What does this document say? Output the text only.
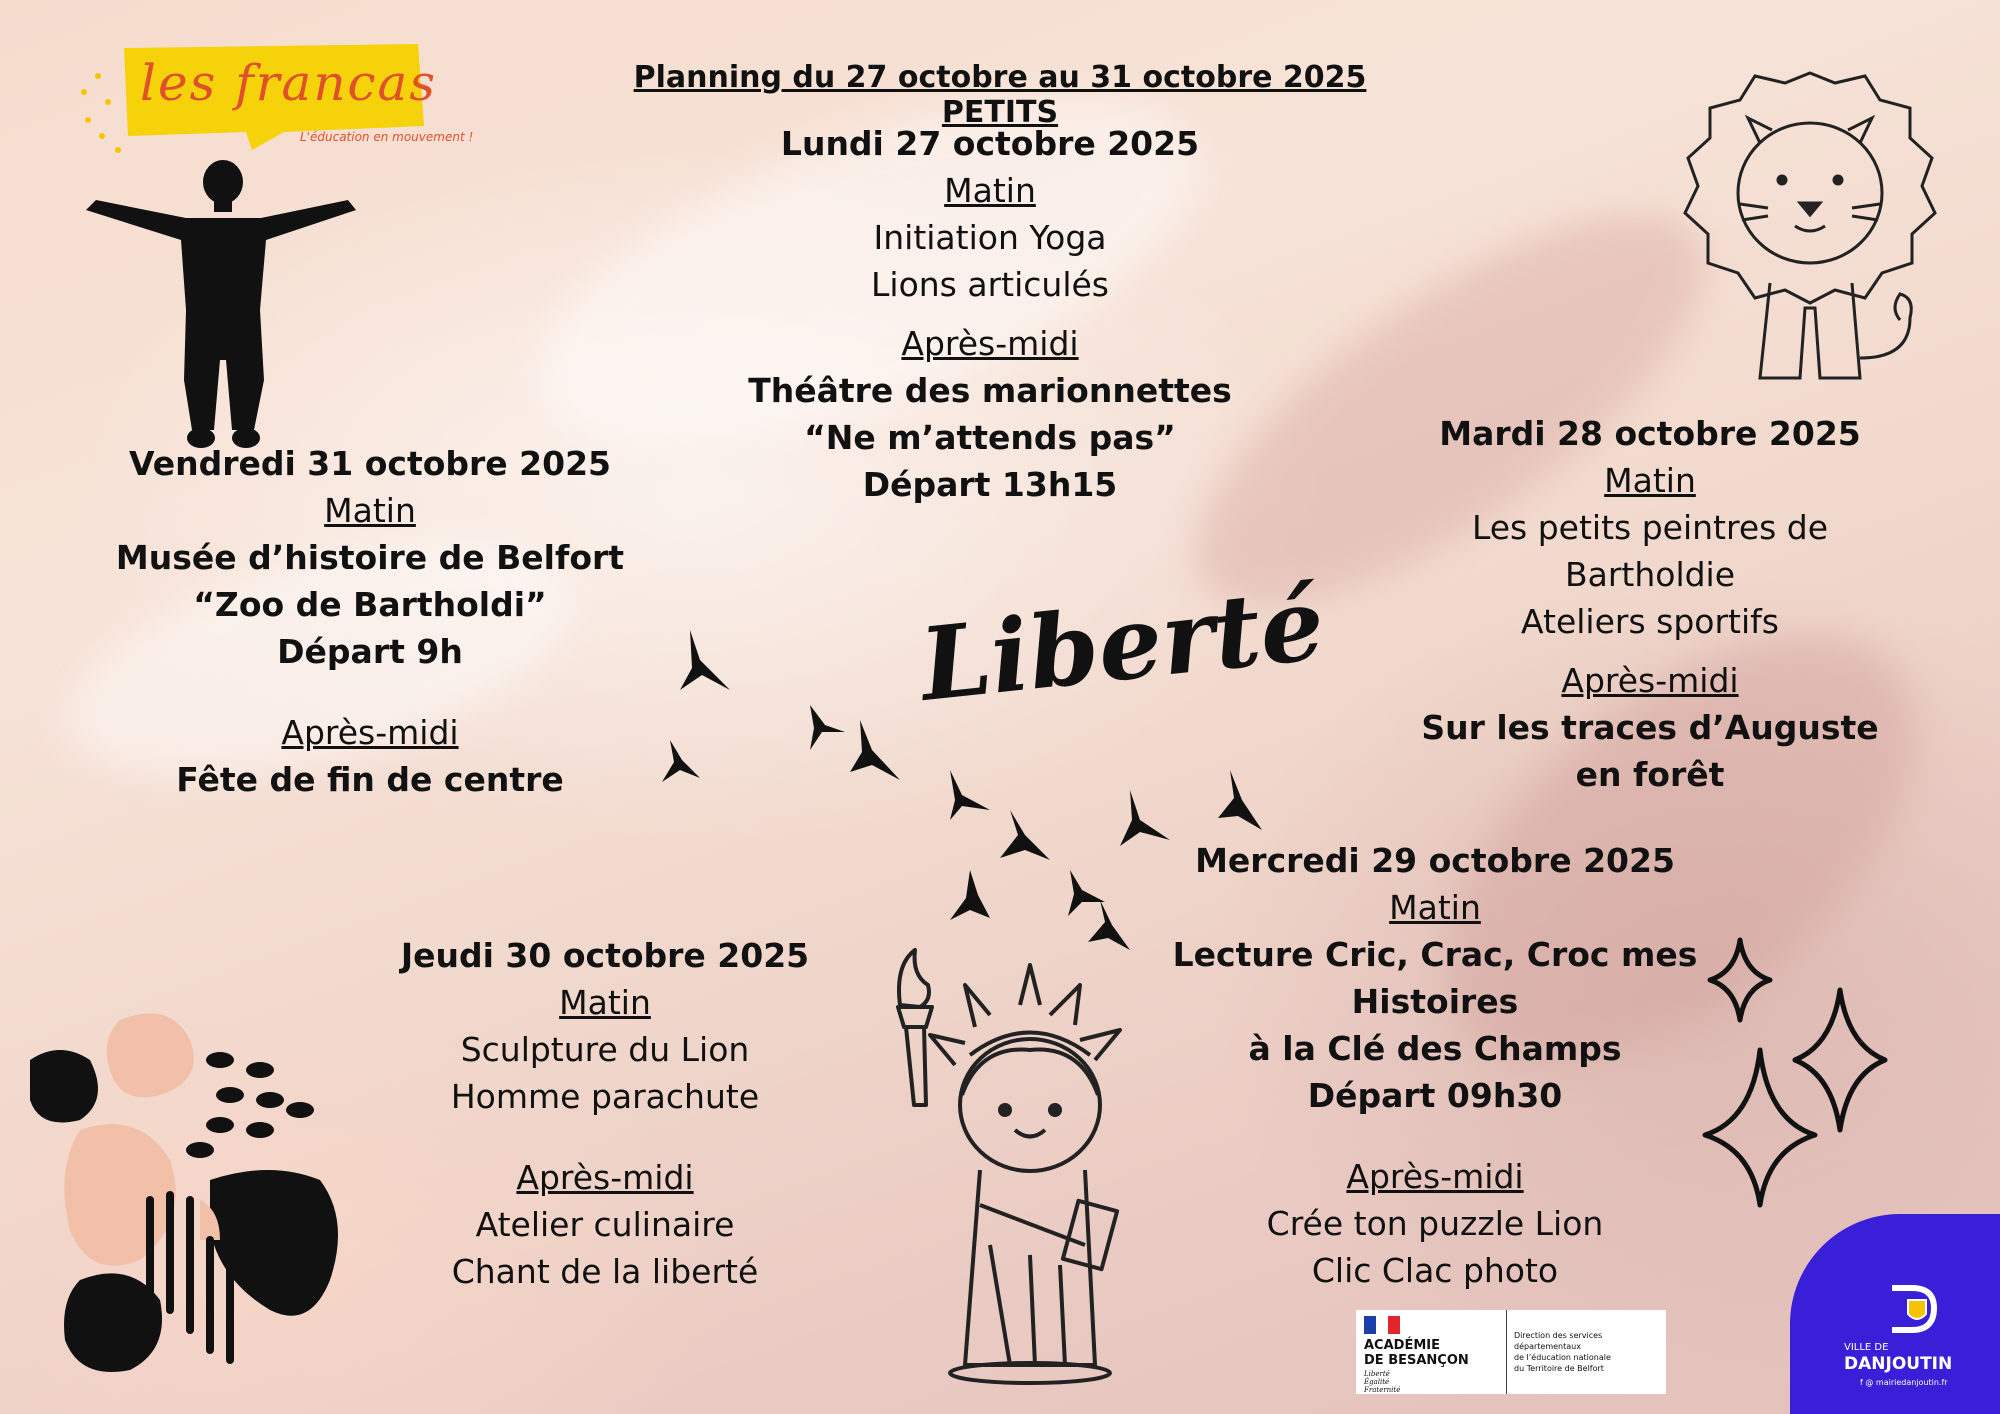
Planning du 27 octobre au 31 octobre 2025 PETITS
les francas
L'éducation en mouvement !	Lundi 27 octobre 2025
Matin
Initiation Yoga
Lions articulés
Après-midi
Théâtre des marionnettes
“Ne m’attends pas”
Départ 13h15
Mardi 28 octobre 2025
Matin
Les petits peintres de
Bartholdie
Ateliers sportifs
Après-midi
Sur les traces d’Auguste
en forêt
Vendredi 31 octobre 2025
Matin
Musée d’histoire de Belfort
“Zoo de Bartholdi”
Départ 9h
Après-midi
Fête de fin de centre
Liberté
Mercredi 29 octobre 2025
Matin
Lecture Cric, Crac, Croc mes
Histoires
à la Clé des Champs
Départ 09h30
Après-midi
Crée ton puzzle Lion
Clic Clac photo
Jeudi 30 octobre 2025
Matin
Sculpture du Lion
Homme parachute
Après-midi
Atelier culinaire
Chant de la liberté
ACADÉMIE
DE BESANÇON
Liberté
Égalité
Fraternité
Direction des services départementaux
de l’éducation nationale
du Territoire de Belfort
VILLE DE
DANJOUTIN
f @ mairiedanjoutin.fr
